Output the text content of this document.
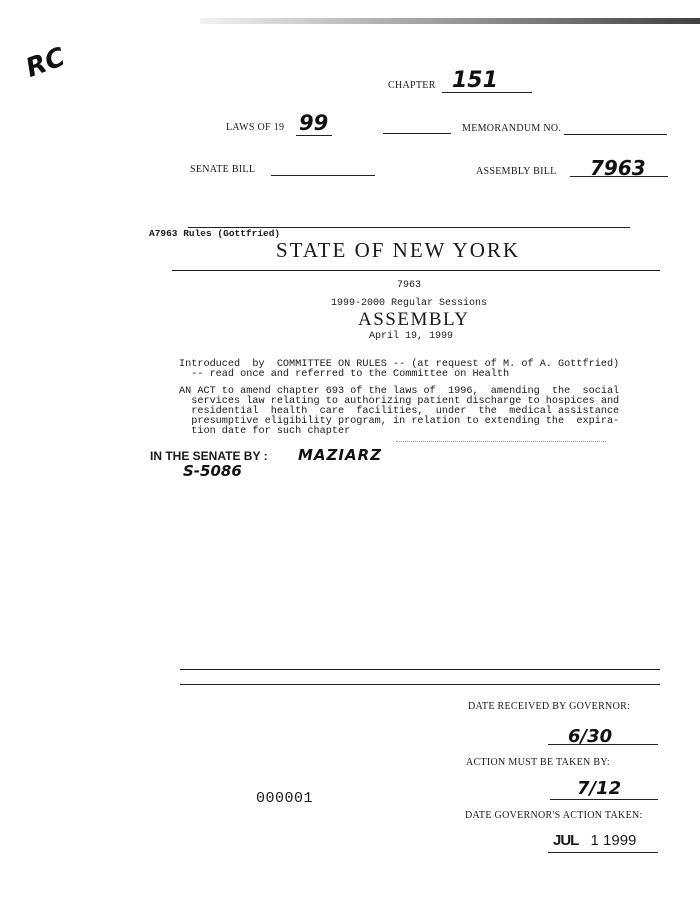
RC
CHAPTER 151
LAWS OF 19 99	MEMORANDUM NO.
SENATE BILL	ASSEMBLY BILL 7963
A7963 Rules (Gottfried)
STATE OF NEW YORK
7963
1999-2000 Regular Sessions
ASSEMBLY
April 19, 1999
Introduced  by  COMMITTEE ON RULES -- (at request of M. of A. Gottfried)
-- read once and referred to the Committee on Health
AN ACT to amend chapter 693 of the laws of  1996,  amending  the  social
services law relating to authorizing patient discharge to hospices and
residential  health  care  facilities,  under  the  medical assistance
presumptive eligibility program, in relation to extending the  expira-
tion date for such chapter
IN THE SENATE BY : MAZIARZ
S-5086
DATE RECEIVED BY GOVERNOR:
6/30
ACTION MUST BE TAKEN BY:
7/12
000001
DATE GOVERNOR'S ACTION TAKEN:
JUL 1 1999
